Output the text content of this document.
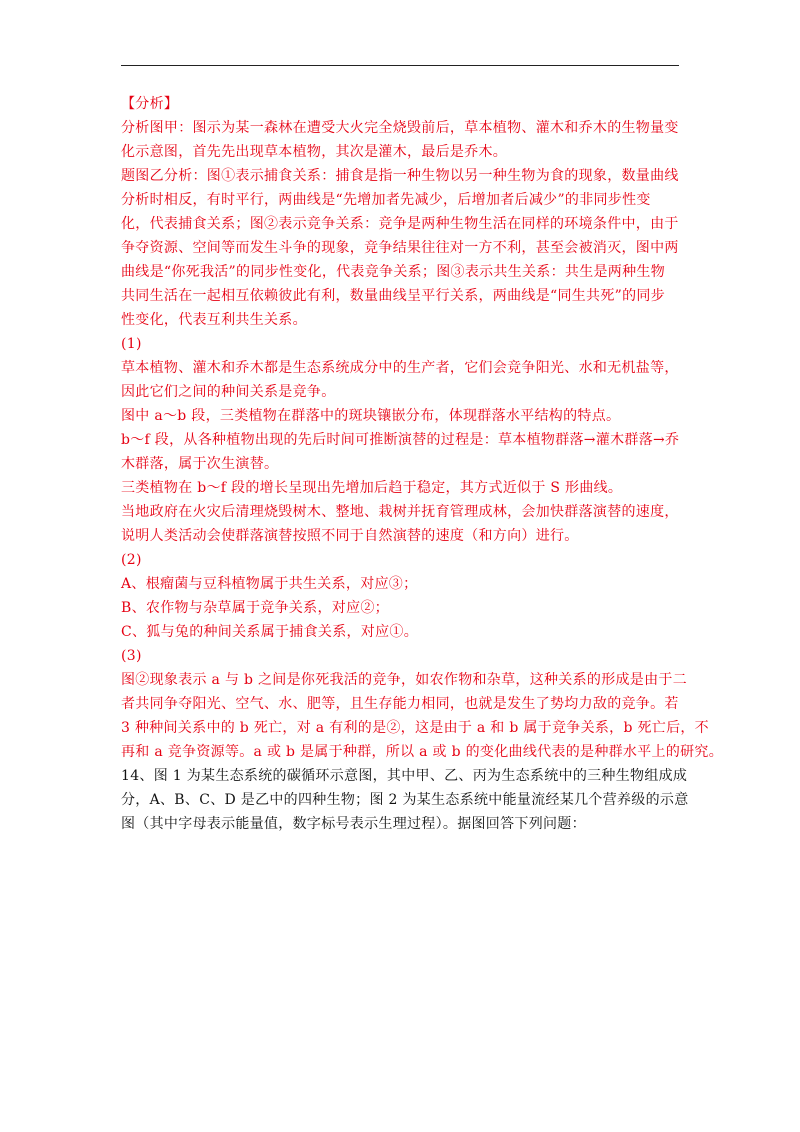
【分析】
分析图甲：图示为某一森林在遭受大火完全烧毁前后，草本植物、灌木和乔木的生物量变
化示意图，首先先出现草本植物，其次是灌木，最后是乔木。
题图乙分析：图①表示捕食关系：捕食是指一种生物以另一种生物为食的现象，数量曲线
分析时相反，有时平行，两曲线是“先增加者先减少，后增加者后减少”的非同步性变
化，代表捕食关系；图②表示竞争关系：竞争是两种生物生活在同样的环境条件中，由于
争夺资源、空间等而发生斗争的现象，竞争结果往往对一方不利，甚至会被消灭，图中两
曲线是“你死我活”的同步性变化，代表竞争关系；图③表示共生关系：共生是两种生物
共同生活在一起相互依赖彼此有利，数量曲线呈平行关系，两曲线是“同生共死”的同步
性变化，代表互利共生关系。
(1)
草本植物、灌木和乔木都是生态系统成分中的生产者，它们会竞争阳光、水和无机盐等，
因此它们之间的种间关系是竞争。
图中 a～b 段，三类植物在群落中的斑块镶嵌分布，体现群落水平结构的特点。
b～f 段，从各种植物出现的先后时间可推断演替的过程是：草本植物群落→灌木群落→乔
木群落，属于次生演替。
三类植物在 b～f 段的增长呈现出先增加后趋于稳定，其方式近似于 S 形曲线。
当地政府在火灾后清理烧毁树木、整地、栽树并抚育管理成林，会加快群落演替的速度，
说明人类活动会使群落演替按照不同于自然演替的速度（和方向）进行。
(2)
A、根瘤菌与豆科植物属于共生关系，对应③；
B、农作物与杂草属于竞争关系，对应②；
C、狐与兔的种间关系属于捕食关系，对应①。
(3)
图②现象表示 a 与 b 之间是你死我活的竞争，如农作物和杂草，这种关系的形成是由于二
者共同争夺阳光、空气、水、肥等，且生存能力相同，也就是发生了势均力敌的竞争。若
3 种种间关系中的 b 死亡，对 a 有利的是②，这是由于 a 和 b 属于竞争关系，b 死亡后，不
再和 a 竞争资源等。a 或 b 是属于种群，所以 a 或 b 的变化曲线代表的是种群水平上的研究。
14、图 1 为某生态系统的碳循环示意图，其中甲、乙、丙为生态系统中的三种生物组成成
分，A、B、C、D 是乙中的四种生物；图 2 为某生态系统中能量流经某几个营养级的示意
图（其中字母表示能量值，数字标号表示生理过程）。据图回答下列问题：
